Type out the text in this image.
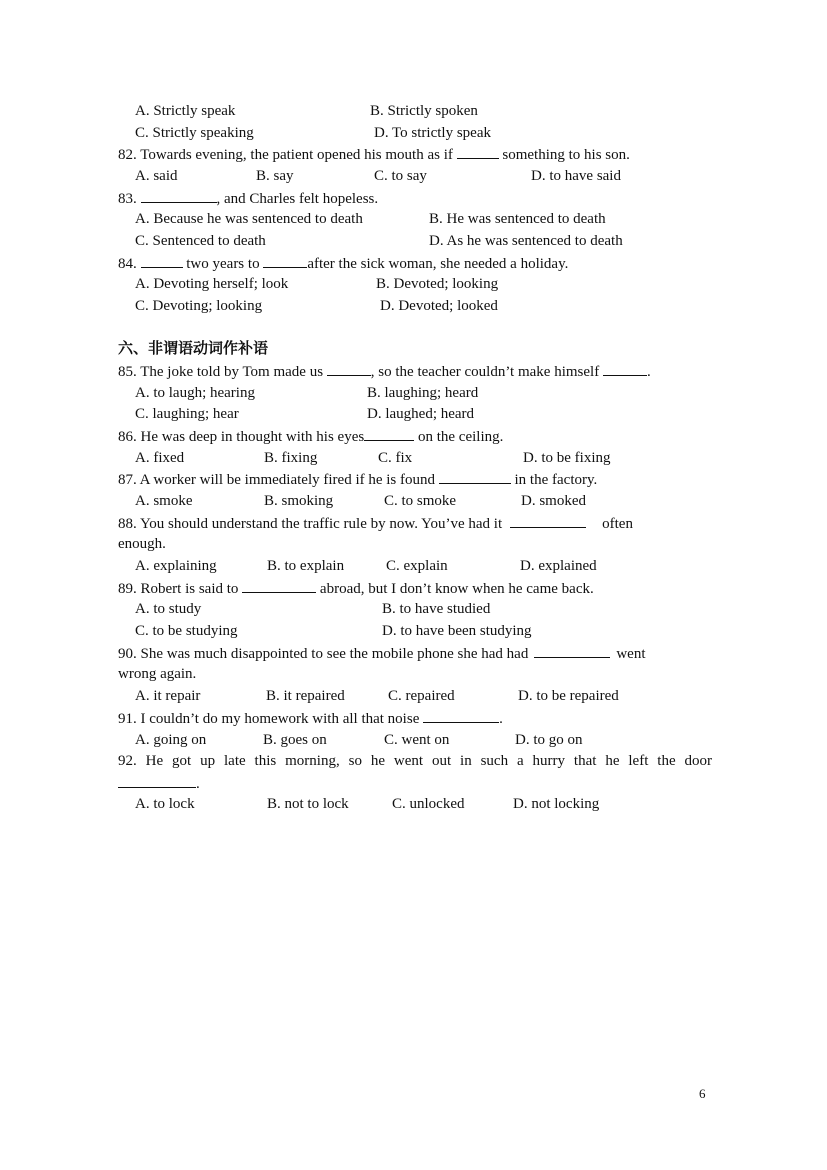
A. Strictly speak	B. Strictly spoken
C. Strictly speaking	D. To strictly speak
82. Towards evening, the patient opened his mouth as if	something to his son.
A. said	B. say	C. to say	D. to have said
83.	, and Charles felt hopeless.
A. Because he was sentenced to death	B. He was sentenced to death
C. Sentenced to death	D. As he was sentenced to death
84.	two years to	after the sick woman, she needed a holiday.
A. Devoting herself; look	B. Devoted; looking
C. Devoting; looking	D. Devoted; looked
六、非谓语动词作补语
85. The joke told by Tom made us	, so the teacher couldn’t make himself	.
A. to laugh; hearing	B. laughing; heard
C. laughing; hear	D. laughed; heard
86. He was deep in thought with his eyes	on the ceiling.
A. fixed	B. fixing	C. fix	D. to be fixing
87. A worker will be immediately fired if he is found	in the factory.
A. smoke	B. smoking	C. to smoke	D. smoked
88. You should understand the traffic rule by now. You’ve had it	often
enough.
A. explaining	B. to explain	C. explain	D. explained
89. Robert is said to	abroad, but I don’t know when he came back.
A. to study	B. to have studied
C. to be studying	D. to have been studying
90. She was much disappointed to see the mobile phone she had had	went
wrong again.
A. it repair	B. it repaired	C. repaired	D. to be repaired
91. I couldn’t do my homework with all that noise	.
A. going on	B. goes on	C. went on	D. to go on
92. He got up late this morning, so he went out in such a hurry that he left the door
.
A. to lock	B. not to lock	C. unlocked	D. not locking
6
